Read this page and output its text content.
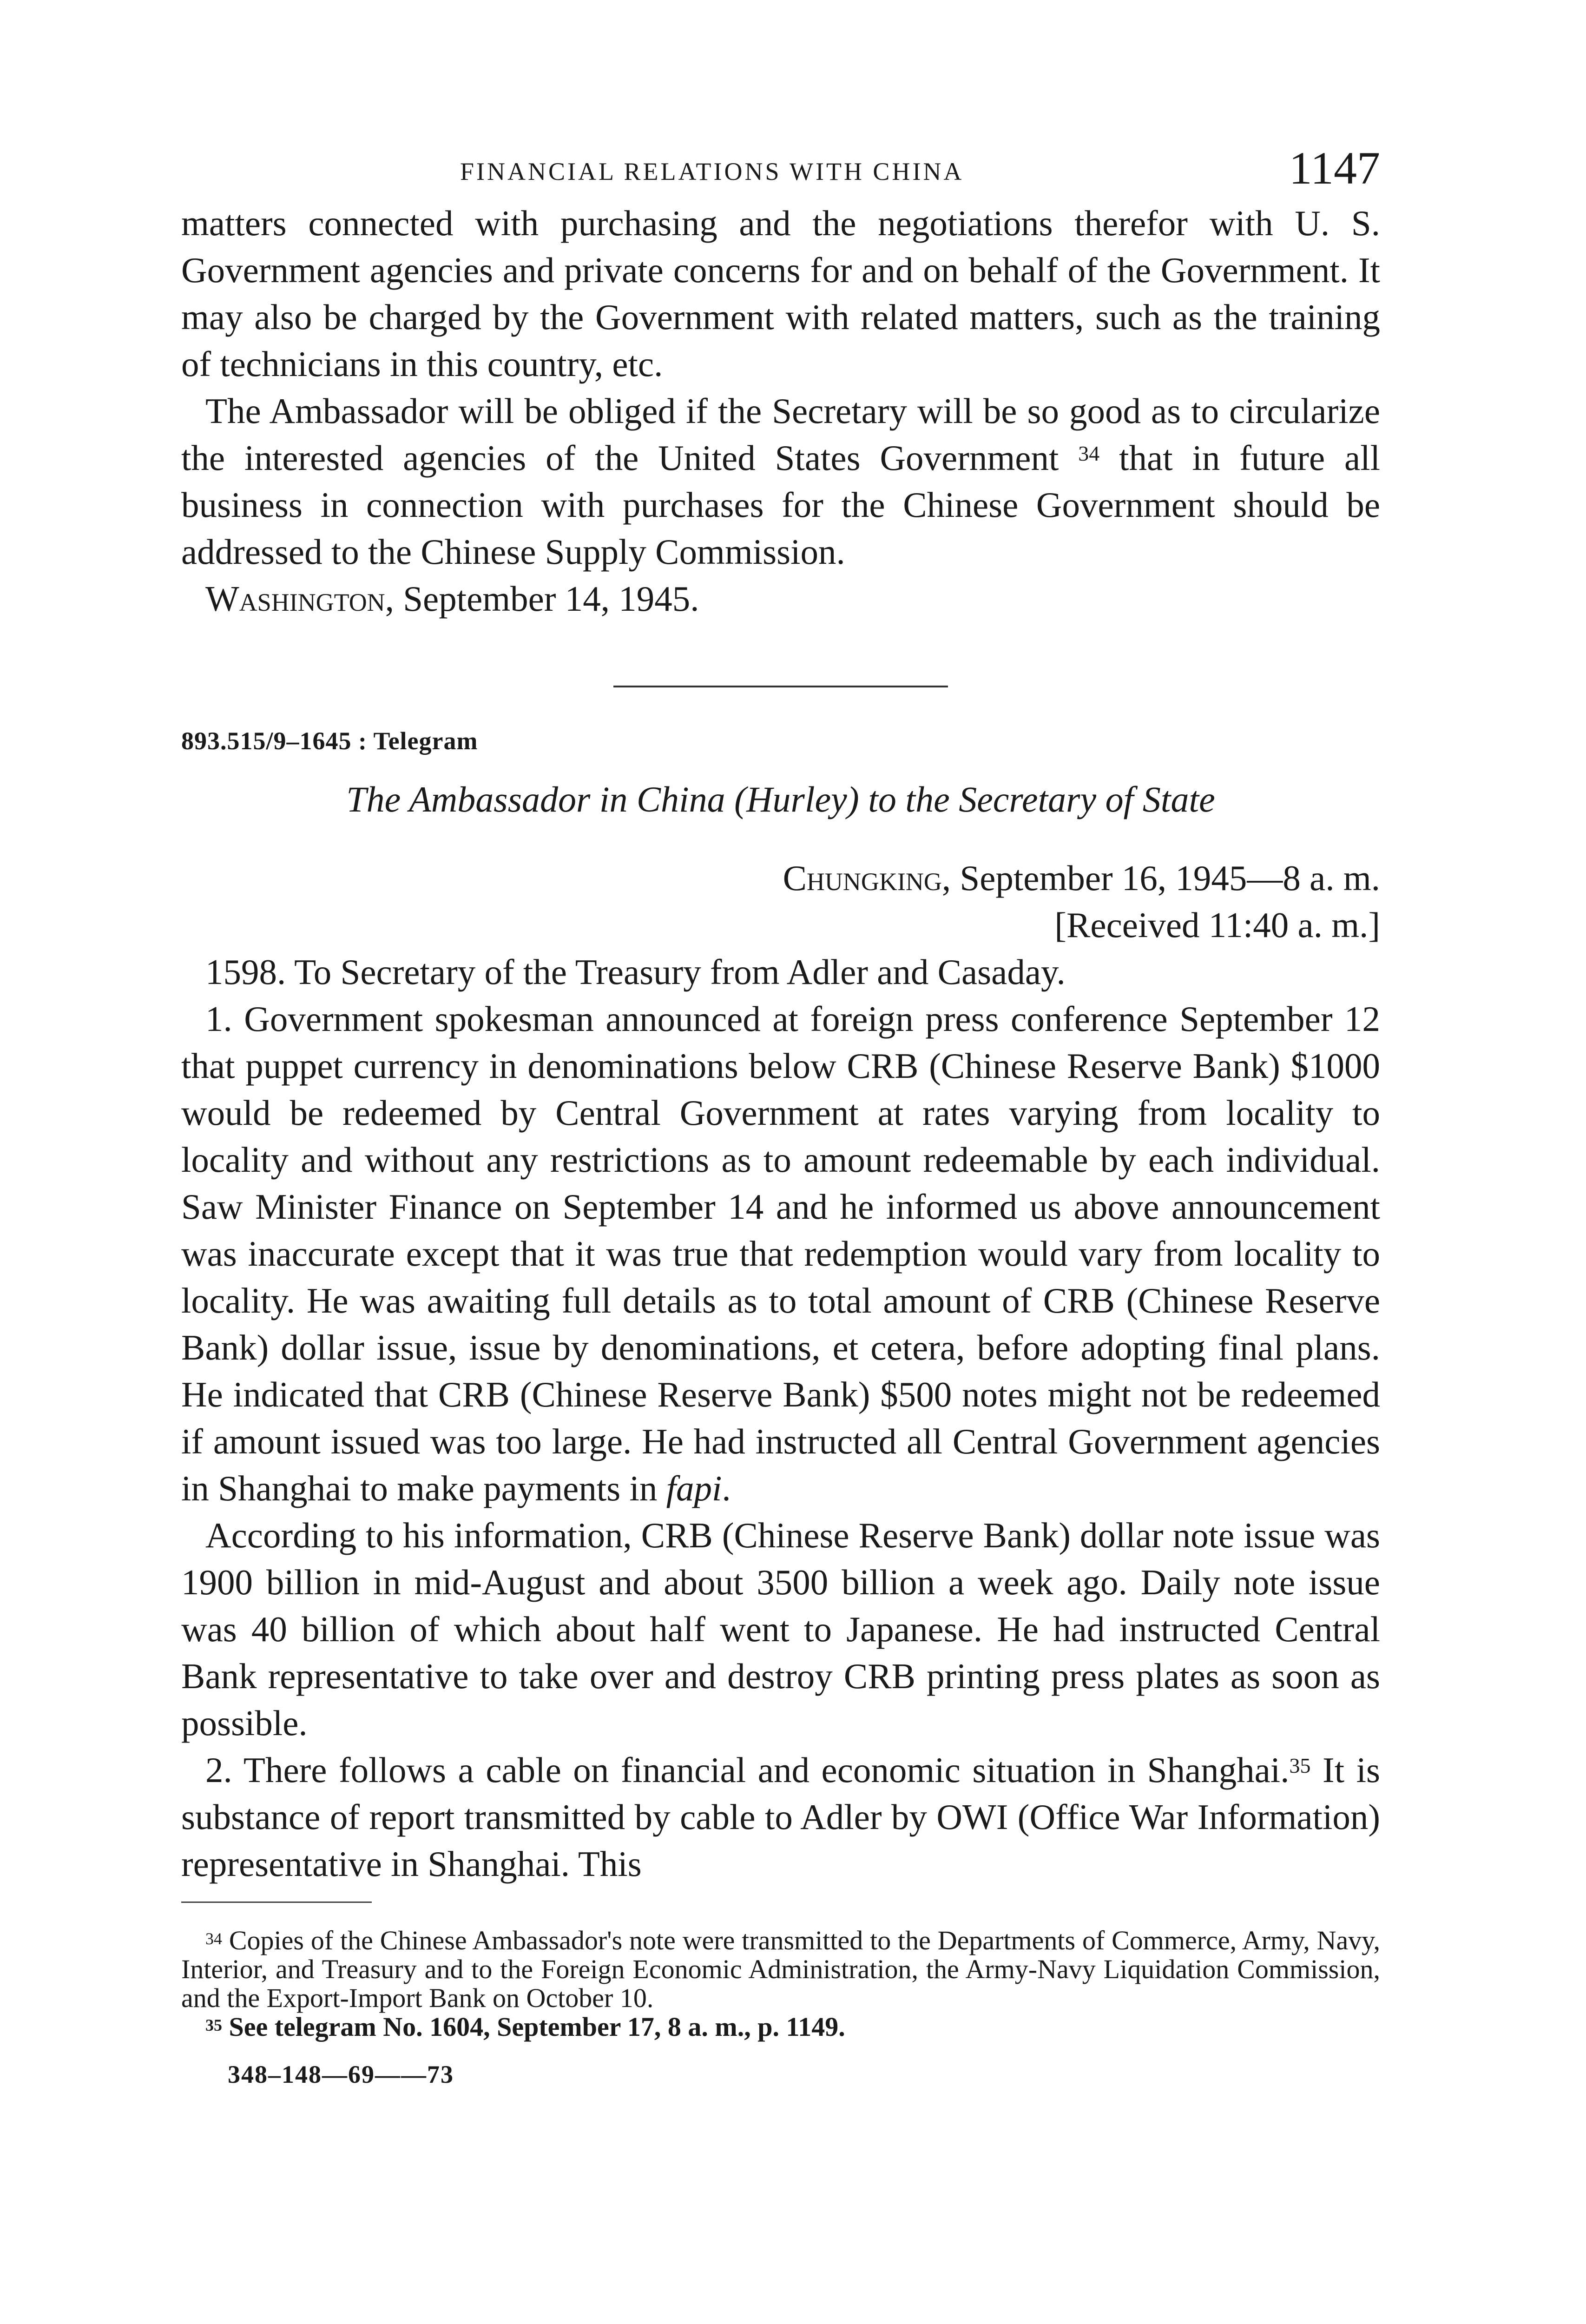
FINANCIAL RELATIONS WITH CHINA	1147

matters connected with purchasing and the negotiations therefor with U. S. Government agencies and private concerns for and on behalf of the Government. It may also be charged by the Government with related matters, such as the training of technicians in this country, etc.

The Ambassador will be obliged if the Secretary will be so good as to circularize the interested agencies of the United States Government $^{34}$ that in future all business in connection with purchases for the Chinese Government should be addressed to the Chinese Supply Commission.

Washington, September 14, 1945.

893.515/9–1645 : Telegram
The Ambassador in China (Hurley) to the Secretary of State
Chungking, September 16, 1945—8 a. m.
[Received 11:40 a. m.]

1598. To Secretary of the Treasury from Adler and Casaday.

1. Government spokesman announced at foreign press conference September 12 that puppet currency in denominations below CRB (Chinese Reserve Bank) $1000 would be redeemed by Central Government at rates varying from locality to locality and without any restrictions as to amount redeemable by each individual. Saw Minister Finance on September 14 and he informed us above announcement was inaccurate except that it was true that redemption would vary from locality to locality. He was awaiting full details as to total amount of CRB (Chinese Reserve Bank) dollar issue, issue by denominations, et cetera, before adopting final plans. He indicated that CRB (Chinese Reserve Bank) $500 notes might not be redeemed if amount issued was too large. He had instructed all Central Government agencies in Shanghai to make payments in fapi.

According to his information, CRB (Chinese Reserve Bank) dollar note issue was 1900 billion in mid-August and about 3500 billion a week ago. Daily note issue was 40 billion of which about half went to Japanese. He had instructed Central Bank representative to take over and destroy CRB printing press plates as soon as possible.

2. There follows a cable on financial and economic situation in Shanghai.$^{35}$ It is substance of report transmitted by cable to Adler by OWI (Office War Information) representative in Shanghai. This

$^{34}$ Copies of the Chinese Ambassador's note were transmitted to the Departments of Commerce, Army, Navy, Interior, and Treasury and to the Foreign Economic Administration, the Army-Navy Liquidation Commission, and the Export-Import Bank on October 10.

$^{35}$ See telegram No. 1604, September 17, 8 a. m., p. 1149.

348–148—69——73
